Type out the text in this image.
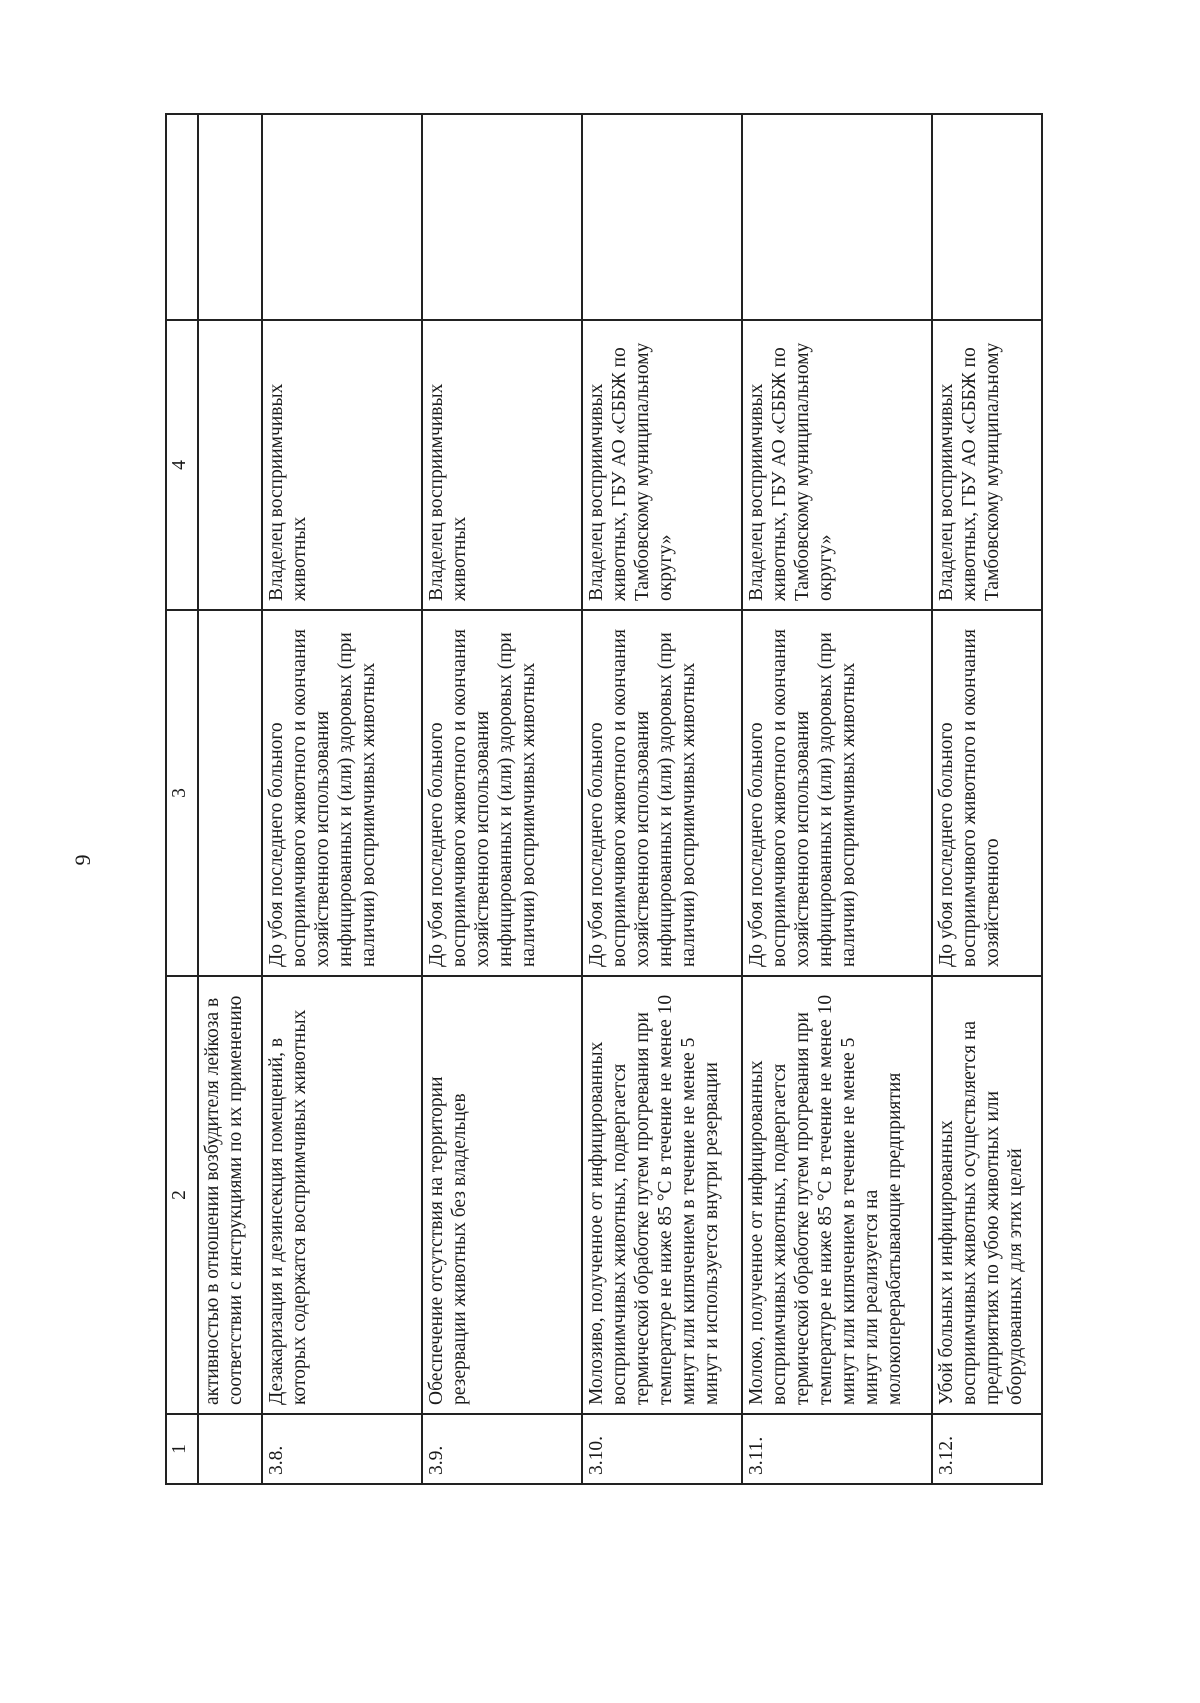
9
1	2	3	4	
	активностью в отношении возбудителя лейкоза в соответствии с инструкциями по их применению			
3.8.	Дезакаризация и дезинсекция помещений, в которых содержатся восприимчивых животных	До убоя последнего больного восприимчивого животного и окончания хозяйственного использования инфицированных и (или) здоровых (при наличии) восприимчивых животных	Владелец восприимчивых животных	
3.9.	Обеспечение отсутствия на территории резервации животных без владельцев	До убоя последнего больного восприимчивого животного и окончания хозяйственного использования инфицированных и (или) здоровых (при наличии) восприимчивых животных	Владелец восприимчивых животных	
3.10.	Молозиво, полученное от инфицированных восприимчивых животных, подвергается термической обработке путем прогревания при температуре не ниже 85 °С в течение не менее 10 минут или кипячением в течение не менее 5 минут и используется внутри резервации	До убоя последнего больного восприимчивого животного и окончания хозяйственного использования инфицированных и (или) здоровых (при наличии) восприимчивых животных	Владелец восприимчивых животных, ГБУ АО «СББЖ по Тамбовскому муниципальному округу»	
3.11.	Молоко, полученное от инфицированных восприимчивых животных, подвергается термической обработке путем прогревания при температуре не ниже 85 °С в течение не менее 10 минут или кипячением в течение не менее 5 минут или реализуется на молокоперерабатывающие предприятия	До убоя последнего больного восприимчивого животного и окончания хозяйственного использования инфицированных и (или) здоровых (при наличии) восприимчивых животных	Владелец восприимчивых животных, ГБУ АО «СББЖ по Тамбовскому муниципальному округу»	
3.12.	Убой больных и инфицированных восприимчивых животных осуществляется на предприятиях по убою животных или оборудованных для этих целей	До убоя последнего больного восприимчивого животного и окончания хозяйственного	Владелец восприимчивых животных, ГБУ АО «СББЖ по Тамбовскому муниципальному	
